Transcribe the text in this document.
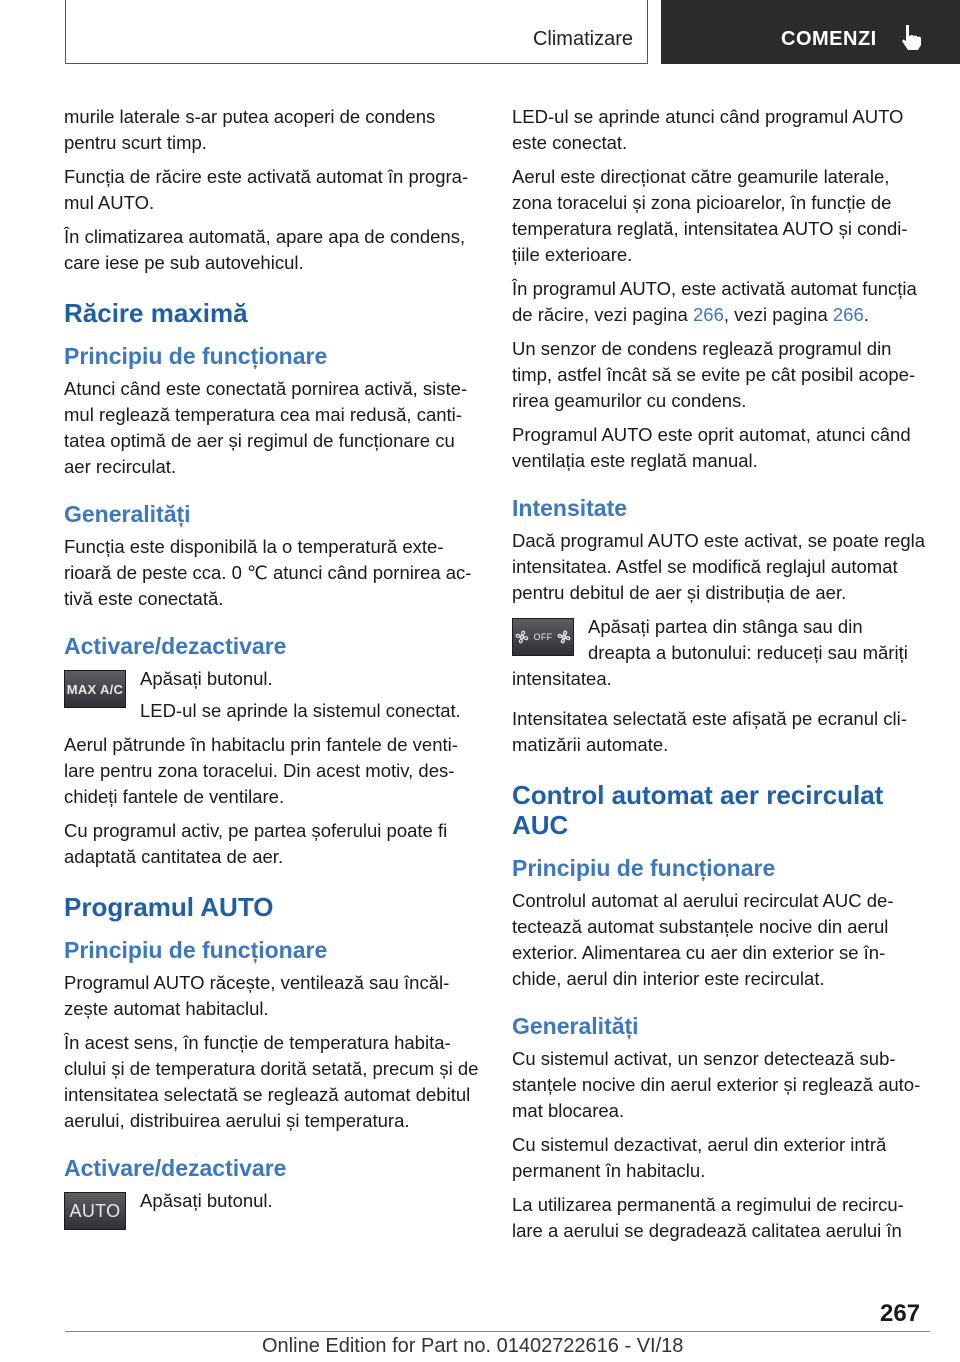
Climatizare	COMENZI

murile laterale s-ar putea acoperi de condens pentru scurt timp.

Funcția de răcire este activată automat în programul AUTO.

În climatizarea automată, apare apa de condens, care iese pe sub autovehicul.

Răcire maximă
Principiu de funcționare

Atunci când este conectată pornirea activă, sistemul reglează temperatura cea mai redusă, cantitatea optimă de aer și regimul de funcționare cu aer recirculat.

Generalități

Funcția este disponibilă la o temperatură exterioară de peste cca. 0 ℃ atunci când pornirea activă este conectată.

Activare/dezactivare
MAX A/C Apăsați butonul.

LED-ul se aprinde la sistemul conectat.

Aerul pătrunde în habitaclu prin fantele de ventilare pentru zona toracelui. Din acest motiv, deschideți fantele de ventilare.

Cu programul activ, pe partea șoferului poate fi adaptată cantitatea de aer.

Programul AUTO
Principiu de funcționare

Programul AUTO răcește, ventilează sau încălzește automat habitaclul.

În acest sens, în funcție de temperatura habitaclului și de temperatura dorită setată, precum și de intensitatea selectată se reglează automat debitul aerului, distribuirea aerului și temperatura.

Activare/dezactivare
AUTO Apăsați butonul.

LED-ul se aprinde atunci când programul AUTO este conectat.

Aerul este direcționat către geamurile laterale, zona toracelui și zona picioarelor, în funcție de temperatura reglată, intensitatea AUTO și condițiile exterioare.

În programul AUTO, este activată automat funcția de răcire, vezi pagina 266, vezi pagina 266.

Un senzor de condens reglează programul din timp, astfel încât să se evite pe cât posibil acoperirea geamurilor cu condens.

Programul AUTO este oprit automat, atunci când ventilația este reglată manual.

Intensitate

Dacă programul AUTO este activat, se poate regla intensitatea. Astfel se modifică reglajul automat pentru debitul de aer și distribuția de aer.

OFF	Apăsați partea din stânga sau din dreapta a butonului: reduceți sau măriți intensitatea.

Intensitatea selectată este afișată pe ecranul climatizării automate.

Control automat aer recirculat AUC
Principiu de funcționare

Controlul automat al aerului recirculat AUC detectează automat substanțele nocive din aerul exterior. Alimentarea cu aer din exterior se închide, aerul din interior este recirculat.

Generalități

Cu sistemul activat, un senzor detectează substanțele nocive din aerul exterior și reglează automat blocarea.

Cu sistemul dezactivat, aerul din exterior intră permanent în habitaclu.

La utilizarea permanentă a regimului de recirculare a aerului se degradează calitatea aerului în

267
Online Edition for Part no. 01402722616 - VI/18
